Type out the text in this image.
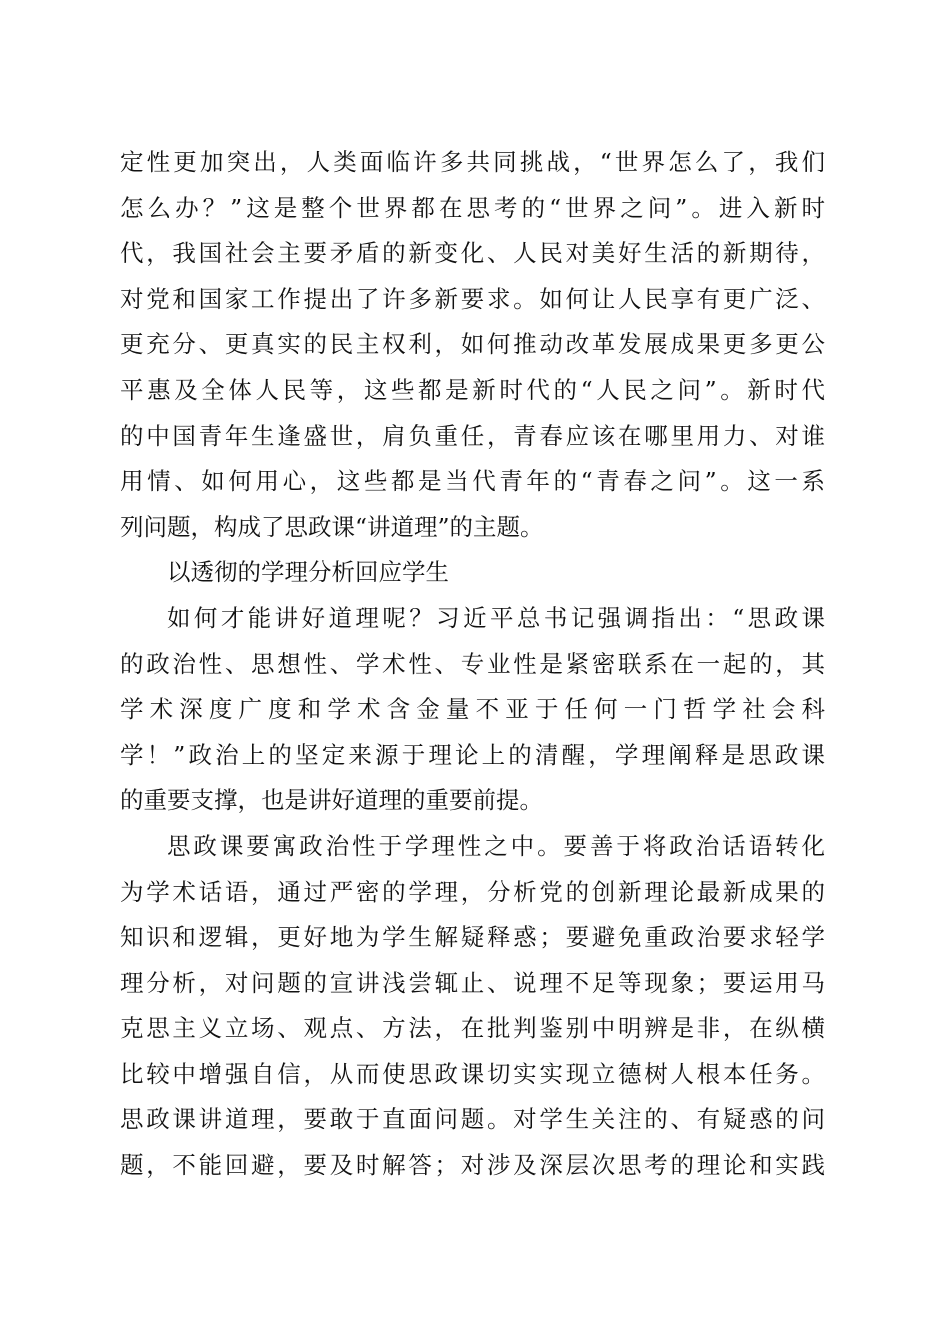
定性更加突出，人类面临许多共同挑战，“世界怎么了，我们
怎么办？”这是整个世界都在思考的“世界之问”。进入新时
代，我国社会主要矛盾的新变化、人民对美好生活的新期待，
对党和国家工作提出了许多新要求。如何让人民享有更广泛、
更充分、更真实的民主权利，如何推动改革发展成果更多更公
平惠及全体人民等，这些都是新时代的“人民之问”。新时代
的中国青年生逢盛世，肩负重任，青春应该在哪里用力、对谁
用情、如何用心，这些都是当代青年的“青春之问”。这一系
列问题，构成了思政课“讲道理”的主题。
以透彻的学理分析回应学生
如何才能讲好道理呢？习近平总书记强调指出：“思政课
的政治性、思想性、学术性、专业性是紧密联系在一起的，其
学术深度广度和学术含金量不亚于任何一门哲学社会科
学！”政治上的坚定来源于理论上的清醒，学理阐释是思政课
的重要支撑，也是讲好道理的重要前提。
思政课要寓政治性于学理性之中。要善于将政治话语转化
为学术话语，通过严密的学理，分析党的创新理论最新成果的
知识和逻辑，更好地为学生解疑释惑；要避免重政治要求轻学
理分析，对问题的宣讲浅尝辄止、说理不足等现象；要运用马
克思主义立场、观点、方法，在批判鉴别中明辨是非，在纵横
比较中增强自信，从而使思政课切实实现立德树人根本任务。
思政课讲道理，要敢于直面问题。对学生关注的、有疑惑的问
题，不能回避，要及时解答；对涉及深层次思考的理论和实践
